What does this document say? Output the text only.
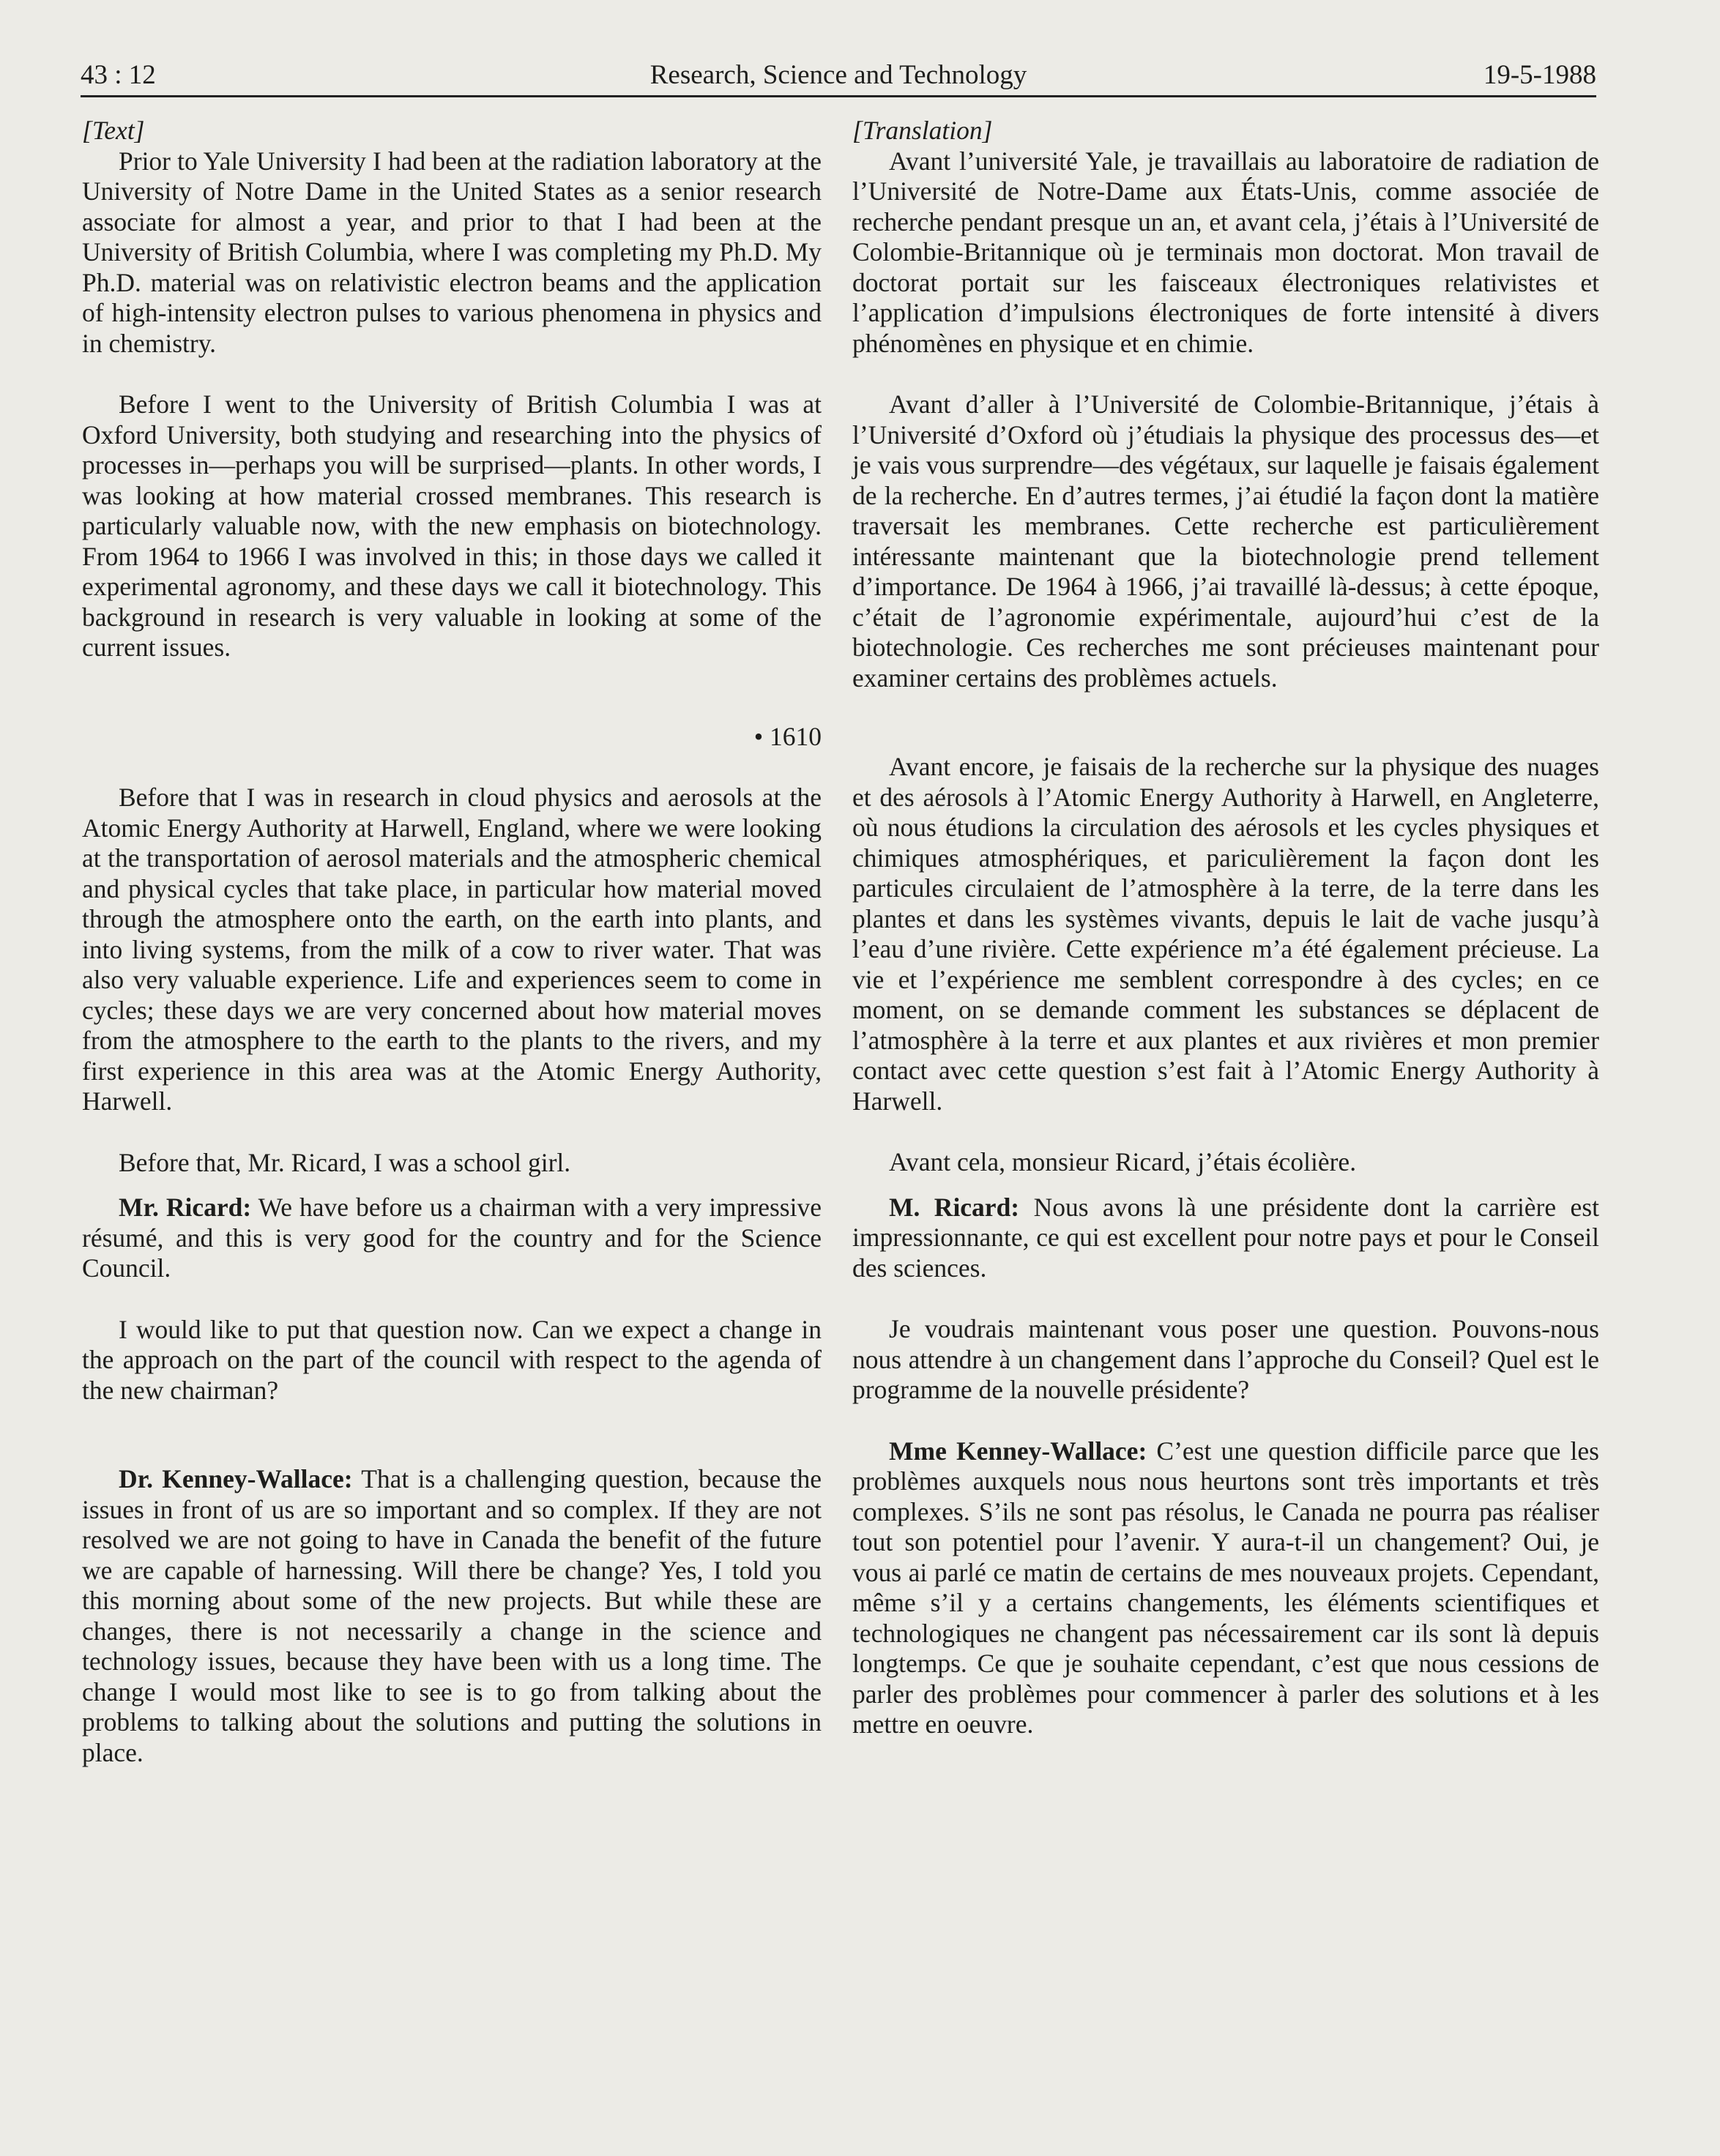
43 : 12	Research, Science and Technology	19-5-1988

[Text]

Prior to Yale University I had been at the radiation laboratory at the University of Notre Dame in the United States as a senior research associate for almost a year, and prior to that I had been at the University of British Columbia, where I was completing my Ph.D. My Ph.D. material was on relativistic electron beams and the application of high-intensity electron pulses to various phenomena in physics and in chemistry.

Before I went to the University of British Columbia I was at Oxford University, both studying and researching into the physics of processes in—perhaps you will be surprised—plants. In other words, I was looking at how material crossed membranes. This research is particularly valuable now, with the new emphasis on biotechnology. From 1964 to 1966 I was involved in this; in those days we called it experimental agronomy, and these days we call it biotechnology. This background in research is very valuable in looking at some of the current issues.

• 1610

Before that I was in research in cloud physics and aerosols at the Atomic Energy Authority at Harwell, England, where we were looking at the transportation of aerosol materials and the atmospheric chemical and physical cycles that take place, in particular how material moved through the atmosphere onto the earth, on the earth into plants, and into living systems, from the milk of a cow to river water. That was also very valuable experience. Life and experiences seem to come in cycles; these days we are very concerned about how material moves from the atmosphere to the earth to the plants to the rivers, and my first experience in this area was at the Atomic Energy Authority, Harwell.

Before that, Mr. Ricard, I was a school girl.

Mr. Ricard: We have before us a chairman with a very impressive résumé, and this is very good for the country and for the Science Council.

I would like to put that question now. Can we expect a change in the approach on the part of the council with respect to the agenda of the new chairman?

Dr. Kenney-Wallace: That is a challenging question, because the issues in front of us are so important and so complex. If they are not resolved we are not going to have in Canada the benefit of the future we are capable of harnessing. Will there be change? Yes, I told you this morning about some of the new projects. But while these are changes, there is not necessarily a change in the science and technology issues, because they have been with us a long time. The change I would most like to see is to go from talking about the problems to talking about the solutions and putting the solutions in place.

[Translation]

Avant l’université Yale, je travaillais au laboratoire de radiation de l’Université de Notre-Dame aux États-Unis, comme associée de recherche pendant presque un an, et avant cela, j’étais à l’Université de Colombie-Britannique où je terminais mon doctorat. Mon travail de doctorat portait sur les faisceaux électroniques relativistes et l’application d’impulsions électroniques de forte intensité à divers phénomènes en physique et en chimie.

Avant d’aller à l’Université de Colombie-Britannique, j’étais à l’Université d’Oxford où j’étudiais la physique des processus des—et je vais vous surprendre—des végétaux, sur laquelle je faisais également de la recherche. En d’autres termes, j’ai étudié la façon dont la matière traversait les membranes. Cette recherche est particulièrement intéressante maintenant que la biotechnologie prend tellement d’importance. De 1964 à 1966, j’ai travaillé là-dessus; à cette époque, c’était de l’agronomie expérimentale, aujourd’hui c’est de la biotechnologie. Ces recherches me sont précieuses maintenant pour examiner certains des problèmes actuels.

Avant encore, je faisais de la recherche sur la physique des nuages et des aérosols à l’Atomic Energy Authority à Harwell, en Angleterre, où nous étudions la circulation des aérosols et les cycles physiques et chimiques atmosphériques, et pariculièrement la façon dont les particules circulaient de l’atmosphère à la terre, de la terre dans les plantes et dans les systèmes vivants, depuis le lait de vache jusqu’à l’eau d’une rivière. Cette expérience m’a été également précieuse. La vie et l’expérience me semblent correspondre à des cycles; en ce moment, on se demande comment les substances se déplacent de l’atmosphère à la terre et aux plantes et aux rivières et mon premier contact avec cette question s’est fait à l’Atomic Energy Authority à Harwell.

Avant cela, monsieur Ricard, j’étais écolière.

M. Ricard: Nous avons là une présidente dont la carrière est impressionnante, ce qui est excellent pour notre pays et pour le Conseil des sciences.

Je voudrais maintenant vous poser une question. Pouvons-nous nous attendre à un changement dans l’approche du Conseil? Quel est le programme de la nouvelle présidente?

Mme Kenney-Wallace: C’est une question difficile parce que les problèmes auxquels nous nous heurtons sont très importants et très complexes. S’ils ne sont pas résolus, le Canada ne pourra pas réaliser tout son potentiel pour l’avenir. Y aura-t-il un changement? Oui, je vous ai parlé ce matin de certains de mes nouveaux projets. Cependant, même s’il y a certains changements, les éléments scientifiques et technologiques ne changent pas nécessairement car ils sont là depuis longtemps. Ce que je souhaite cependant, c’est que nous cessions de parler des problèmes pour commencer à parler des solutions et à les mettre en oeuvre.
